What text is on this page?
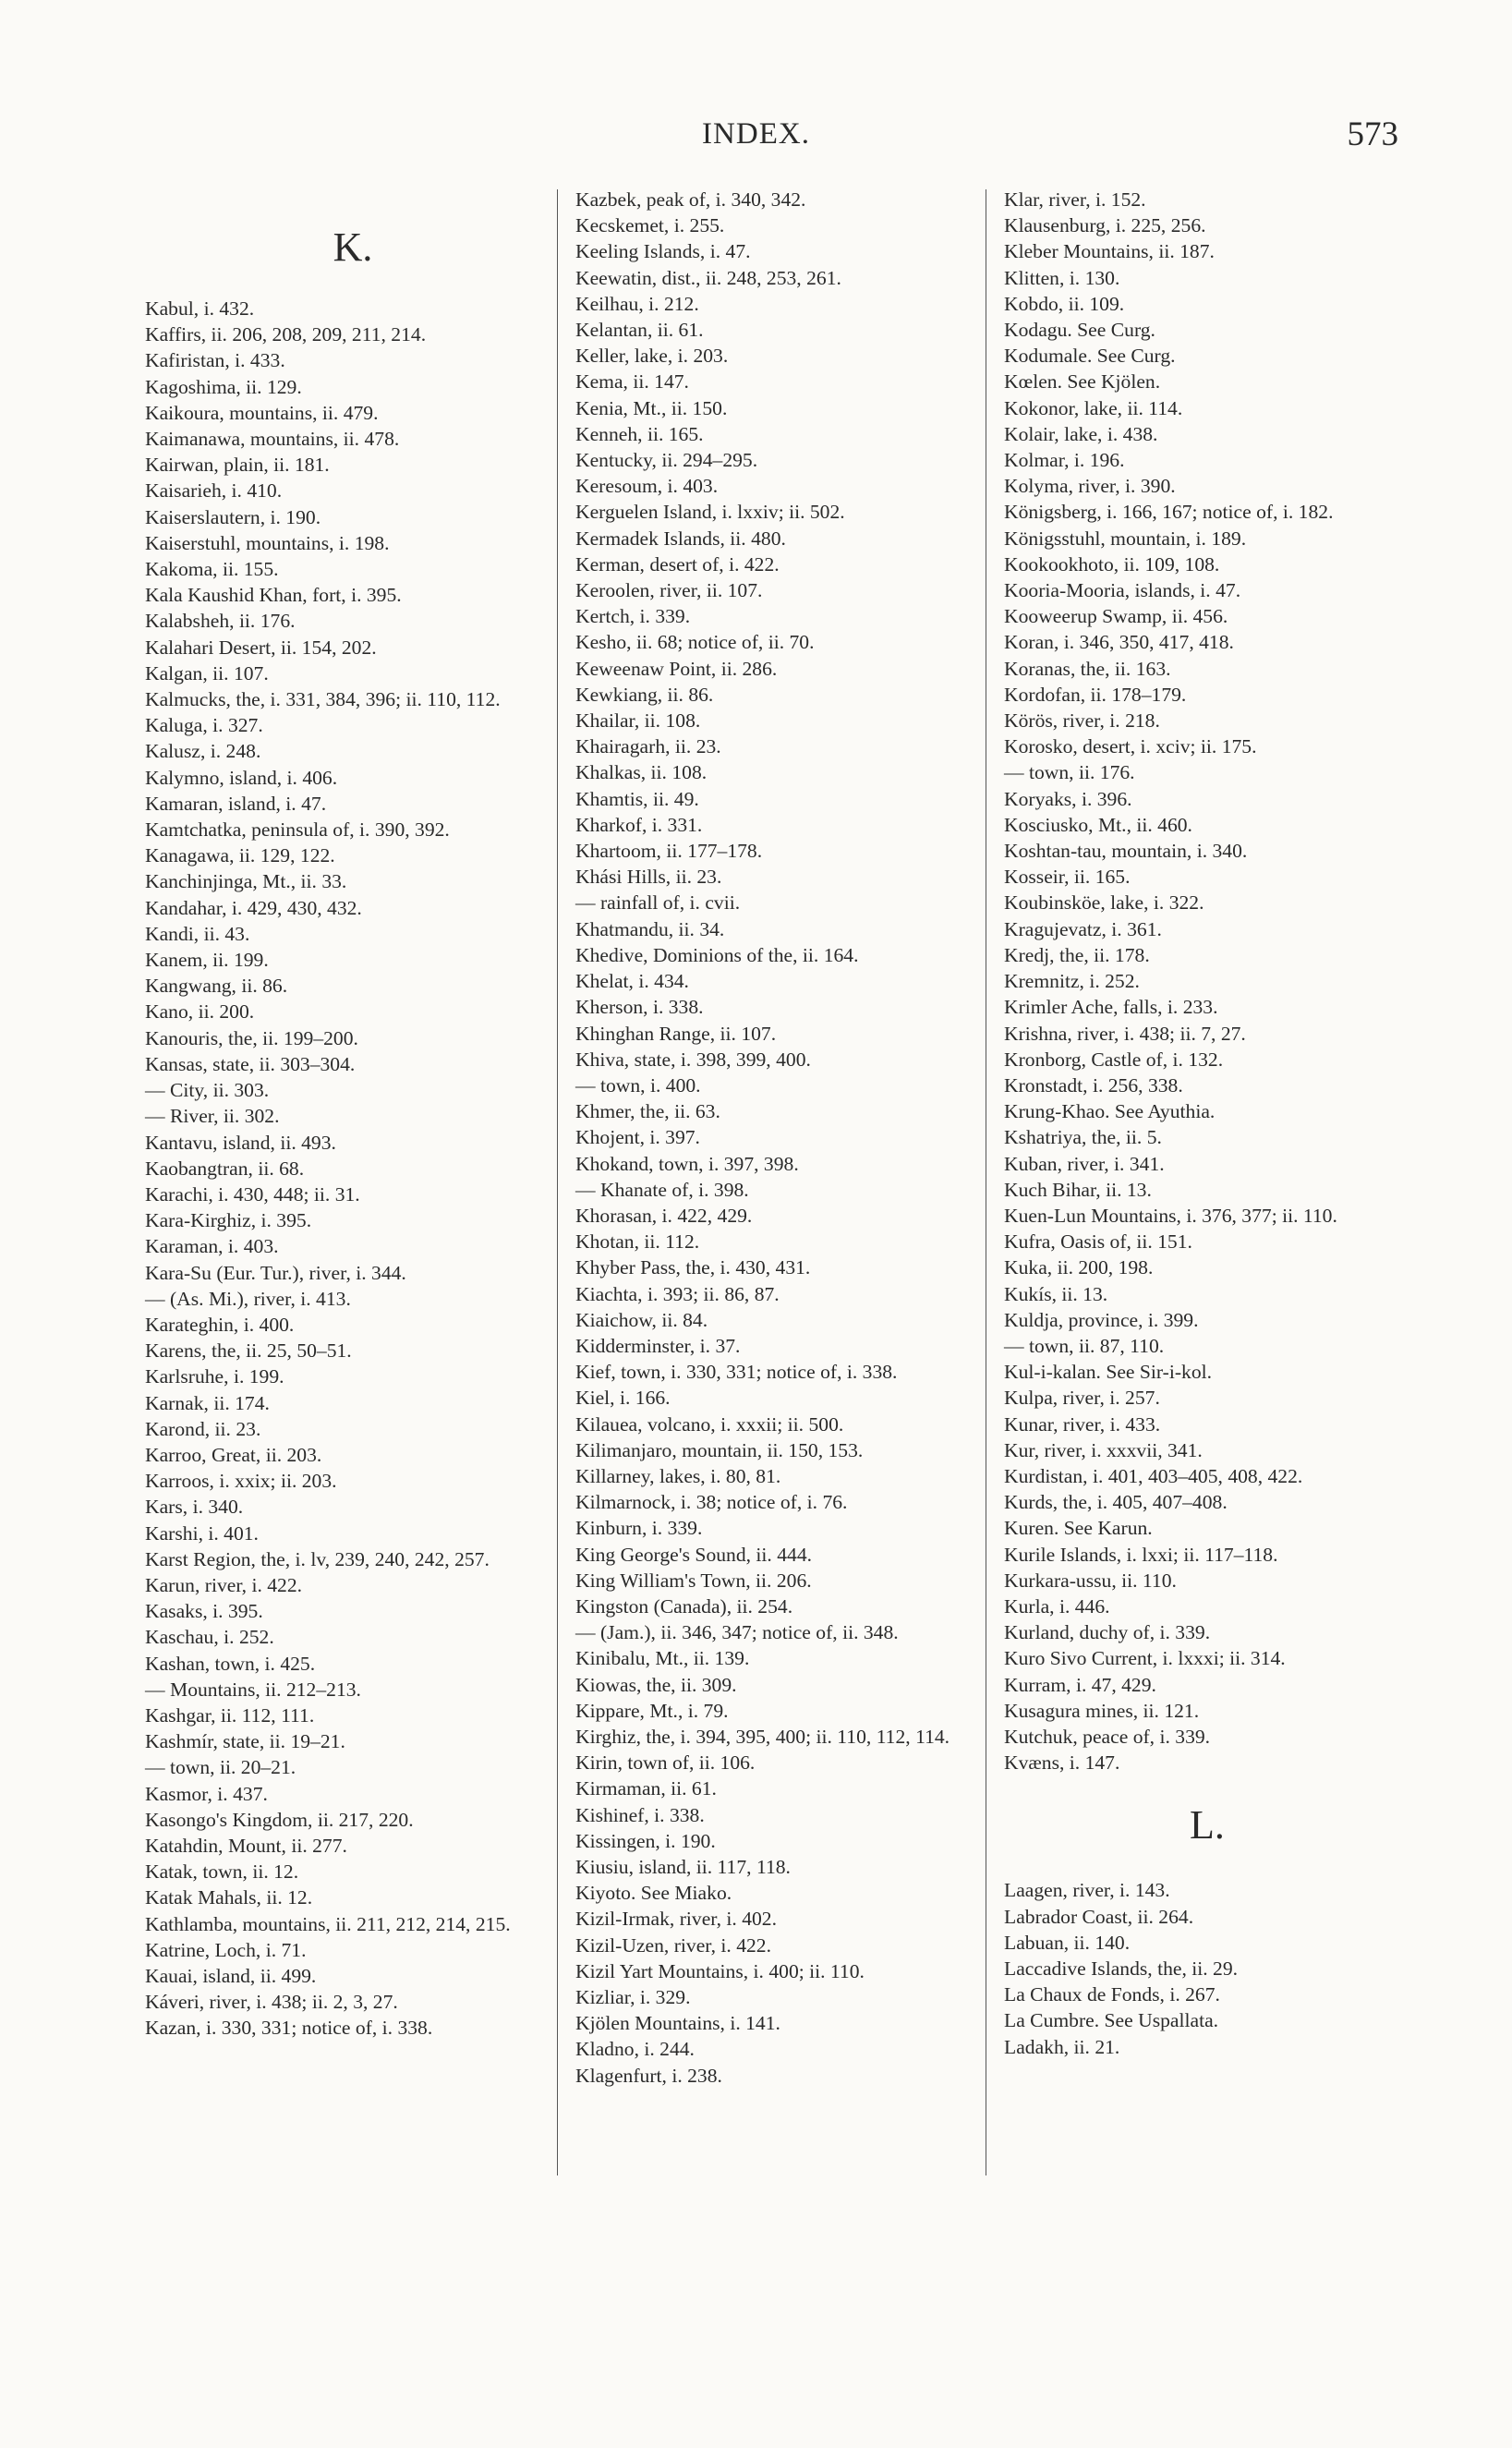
INDEX.	573
K.
Kabul, i. 432.
Kaffirs, ii. 206, 208, 209, 211, 214.
Kafiristan, i. 433.
Kagoshima, ii. 129.
Kaikoura, mountains, ii. 479.
Kaimanawa, mountains, ii. 478.
Kairwan, plain, ii. 181.
Kaisarieh, i. 410.
Kaiserslautern, i. 190.
Kaiserstuhl, mountains, i. 198.
Kakoma, ii. 155.
Kala Kaushid Khan, fort, i. 395.
Kalabsheh, ii. 176.
Kalahari Desert, ii. 154, 202.
Kalgan, ii. 107.
Kalmucks, the, i. 331, 384, 396; ii. 110, 112.
Kaluga, i. 327.
Kalusz, i. 248.
Kalymno, island, i. 406.
Kamaran, island, i. 47.
Kamtchatka, peninsula of, i. 390, 392.
Kanagawa, ii. 129, 122.
Kanchinjinga, Mt., ii. 33.
Kandahar, i. 429, 430, 432.
Kandi, ii. 43.
Kanem, ii. 199.
Kangwang, ii. 86.
Kano, ii. 200.
Kanouris, the, ii. 199–200.
Kansas, state, ii. 303–304.
— City, ii. 303.
— River, ii. 302.
Kantavu, island, ii. 493.
Kaobangtran, ii. 68.
Karachi, i. 430, 448; ii. 31.
Kara-Kirghiz, i. 395.
Karaman, i. 403.
Kara-Su (Eur. Tur.), river, i. 344.
— (As. Mi.), river, i. 413.
Karateghin, i. 400.
Karens, the, ii. 25, 50–51.
Karlsruhe, i. 199.
Karnak, ii. 174.
Karond, ii. 23.
Karroo, Great, ii. 203.
Karroos, i. xxix; ii. 203.
Kars, i. 340.
Karshi, i. 401.
Karst Region, the, i. lv, 239, 240, 242, 257.
Karun, river, i. 422.
Kasaks, i. 395.
Kaschau, i. 252.
Kashan, town, i. 425.
— Mountains, ii. 212–213.
Kashgar, ii. 112, 111.
Kashmír, state, ii. 19–21.
— town, ii. 20–21.
Kasmor, i. 437.
Kasongo's Kingdom, ii. 217, 220.
Katahdin, Mount, ii. 277.
Katak, town, ii. 12.
Katak Mahals, ii. 12.
Kathlamba, mountains, ii. 211, 212, 214, 215.
Katrine, Loch, i. 71.
Kauai, island, ii. 499.
Káveri, river, i. 438; ii. 2, 3, 27.
Kazan, i. 330, 331; notice of, i. 338.
Kazbek, peak of, i. 340, 342.
Kecskemet, i. 255.
Keeling Islands, i. 47.
Keewatin, dist., ii. 248, 253, 261.
Keilhau, i. 212.
Kelantan, ii. 61.
Keller, lake, i. 203.
Kema, ii. 147.
Kenia, Mt., ii. 150.
Kenneh, ii. 165.
Kentucky, ii. 294–295.
Keresoum, i. 403.
Kerguelen Island, i. lxxiv; ii. 502.
Kermadek Islands, ii. 480.
Kerman, desert of, i. 422.
Keroolen, river, ii. 107.
Kertch, i. 339.
Kesho, ii. 68; notice of, ii. 70.
Keweenaw Point, ii. 286.
Kewkiang, ii. 86.
Khailar, ii. 108.
Khairagarh, ii. 23.
Khalkas, ii. 108.
Khamtis, ii. 49.
Kharkof, i. 331.
Khartoom, ii. 177–178.
Khási Hills, ii. 23.
— rainfall of, i. cvii.
Khatmandu, ii. 34.
Khedive, Dominions of the, ii. 164.
Khelat, i. 434.
Kherson, i. 338.
Khinghan Range, ii. 107.
Khiva, state, i. 398, 399, 400.
— town, i. 400.
Khmer, the, ii. 63.
Khojent, i. 397.
Khokand, town, i. 397, 398.
— Khanate of, i. 398.
Khorasan, i. 422, 429.
Khotan, ii. 112.
Khyber Pass, the, i. 430, 431.
Kiachta, i. 393; ii. 86, 87.
Kiaichow, ii. 84.
Kidderminster, i. 37.
Kief, town, i. 330, 331; notice of, i. 338.
Kiel, i. 166.
Kilauea, volcano, i. xxxii; ii. 500.
Kilimanjaro, mountain, ii. 150, 153.
Killarney, lakes, i. 80, 81.
Kilmarnock, i. 38; notice of, i. 76.
Kinburn, i. 339.
King George's Sound, ii. 444.
King William's Town, ii. 206.
Kingston (Canada), ii. 254.
— (Jam.), ii. 346, 347; notice of, ii. 348.
Kinibalu, Mt., ii. 139.
Kiowas, the, ii. 309.
Kippare, Mt., i. 79.
Kirghiz, the, i. 394, 395, 400; ii. 110, 112, 114.
Kirin, town of, ii. 106.
Kirmaman, ii. 61.
Kishinef, i. 338.
Kissingen, i. 190.
Kiusiu, island, ii. 117, 118.
Kiyoto. See Miako.
Kizil-Irmak, river, i. 402.
Kizil-Uzen, river, i. 422.
Kizil Yart Mountains, i. 400; ii. 110.
Kizliar, i. 329.
Kjölen Mountains, i. 141.
Kladno, i. 244.
Klagenfurt, i. 238.
Klar, river, i. 152.
Klausenburg, i. 225, 256.
Kleber Mountains, ii. 187.
Klitten, i. 130.
Kobdo, ii. 109.
Kodagu. See Curg.
Kodumale. See Curg.
Kœlen. See Kjölen.
Kokonor, lake, ii. 114.
Kolair, lake, i. 438.
Kolmar, i. 196.
Kolyma, river, i. 390.
Königsberg, i. 166, 167; notice of, i. 182.
Königsstuhl, mountain, i. 189.
Kookookhoto, ii. 109, 108.
Kooria-Mooria, islands, i. 47.
Kooweerup Swamp, ii. 456.
Koran, i. 346, 350, 417, 418.
Koranas, the, ii. 163.
Kordofan, ii. 178–179.
Körös, river, i. 218.
Korosko, desert, i. xciv; ii. 175.
— town, ii. 176.
Koryaks, i. 396.
Kosciusko, Mt., ii. 460.
Koshtan-tau, mountain, i. 340.
Kosseir, ii. 165.
Koubinsköe, lake, i. 322.
Kragujevatz, i. 361.
Kredj, the, ii. 178.
Kremnitz, i. 252.
Krimler Ache, falls, i. 233.
Krishna, river, i. 438; ii. 7, 27.
Kronborg, Castle of, i. 132.
Kronstadt, i. 256, 338.
Krung-Khao. See Ayuthia.
Kshatriya, the, ii. 5.
Kuban, river, i. 341.
Kuch Bihar, ii. 13.
Kuen-Lun Mountains, i. 376, 377; ii. 110.
Kufra, Oasis of, ii. 151.
Kuka, ii. 200, 198.
Kukís, ii. 13.
Kuldja, province, i. 399.
— town, ii. 87, 110.
Kul-i-kalan. See Sir-i-kol.
Kulpa, river, i. 257.
Kunar, river, i. 433.
Kur, river, i. xxxvii, 341.
Kurdistan, i. 401, 403–405, 408, 422.
Kurds, the, i. 405, 407–408.
Kuren. See Karun.
Kurile Islands, i. lxxi; ii. 117–118.
Kurkara-ussu, ii. 110.
Kurla, i. 446.
Kurland, duchy of, i. 339.
Kuro Sivo Current, i. lxxxi; ii. 314.
Kurram, i. 47, 429.
Kusagura mines, ii. 121.
Kutchuk, peace of, i. 339.
Kvæns, i. 147.
L.
Laagen, river, i. 143.
Labrador Coast, ii. 264.
Labuan, ii. 140.
Laccadive Islands, the, ii. 29.
La Chaux de Fonds, i. 267.
La Cumbre. See Uspallata.
Ladakh, ii. 21.
